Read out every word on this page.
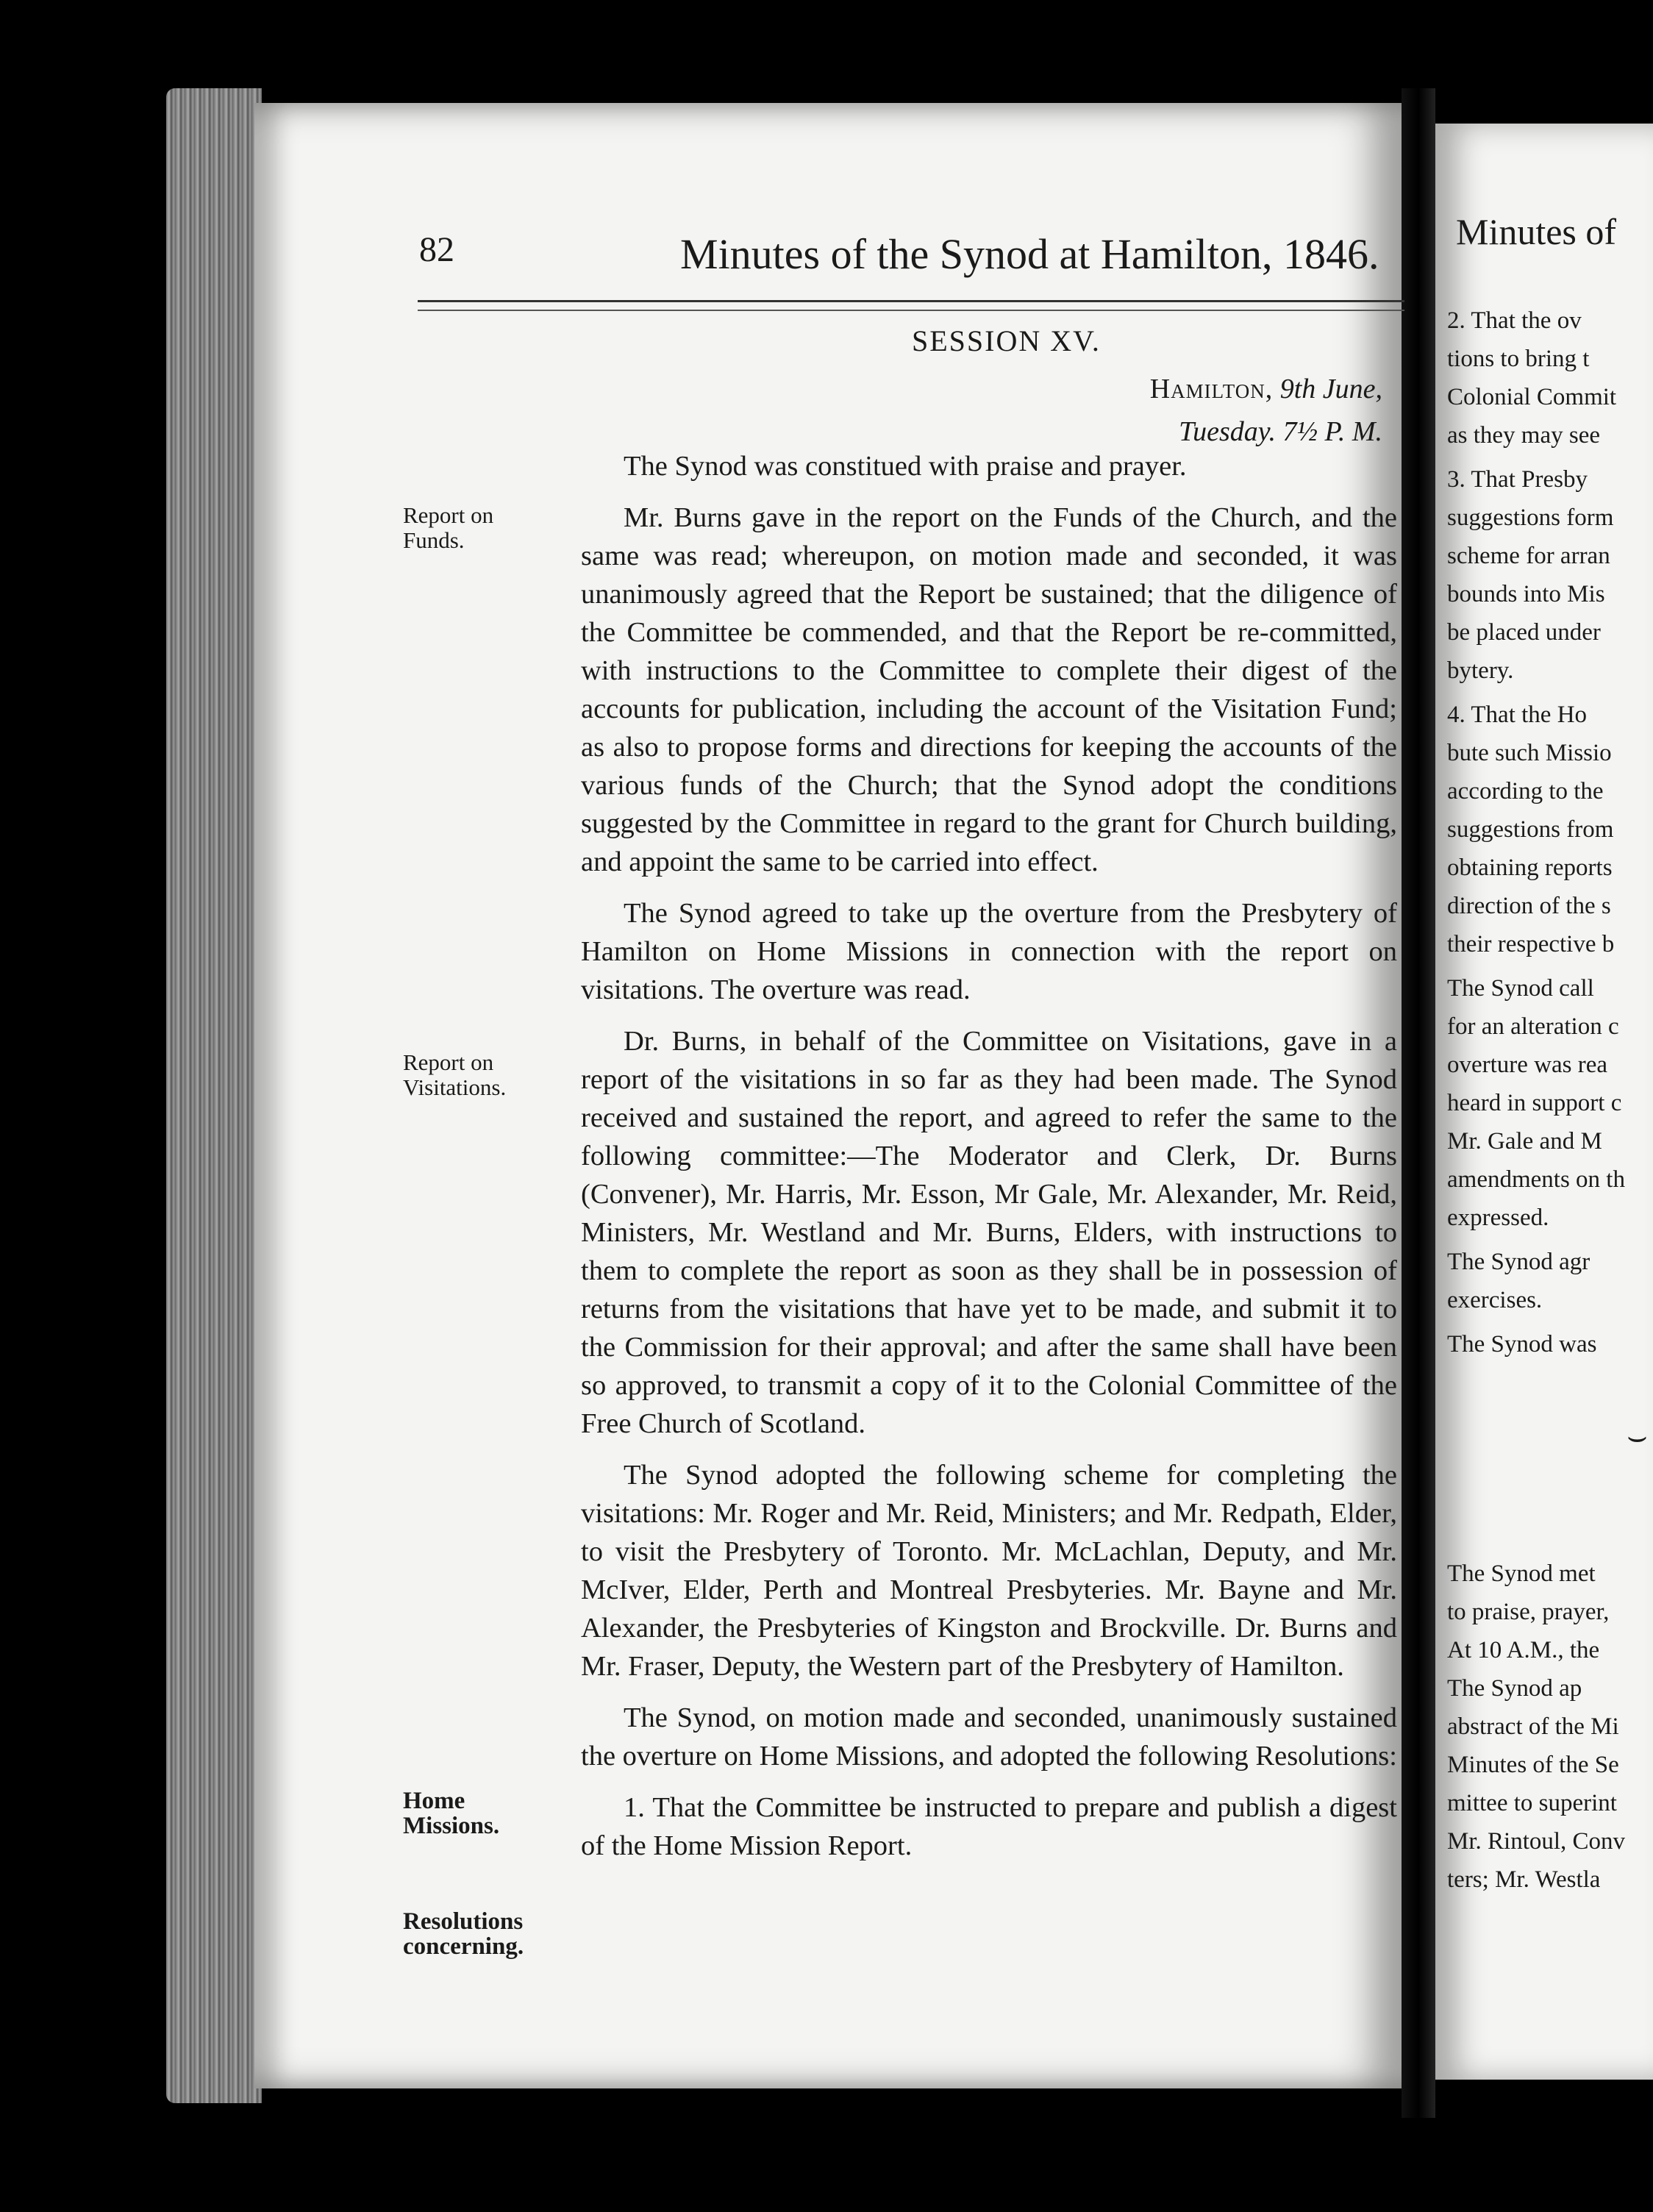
82	Minutes of the Synod at Hamilton, 1846.
SESSION XV.
Hamilton, 9th June,
Tuesday. 7½ P. M.
Report on
Funds.
Report on
Visitations.
Home
Missions.
Resolutions
concerning.

The Synod was constitued with praise and prayer.

Mr. Burns gave in the report on the Funds of the Church, and the same was read; whereupon, on motion made and seconded, it was unanimously agreed that the Report be sustained; that the diligence of the Committee be commended, and that the Report be re-committed, with instructions to the Committee to complete their digest of the accounts for publication, including the account of the Visitation Fund; as also to propose forms and directions for keeping the accounts of the various funds of the Church; that the Synod adopt the conditions suggested by the Committee in regard to the grant for Church building, and appoint the same to be carried into effect.

The Synod agreed to take up the overture from the Presbytery of Hamilton on Home Missions in connection with the report on visitations. The overture was read.

Dr. Burns, in behalf of the Committee on Visitations, gave in a report of the visitations in so far as they had been made. The Synod received and sustained the report, and agreed to refer the same to the following committee:—The Moderator and Clerk, Dr. Burns (Convener), Mr. Harris, Mr. Esson, Mr Gale, Mr. Alexander, Mr. Reid, Ministers, Mr. Westland and Mr. Burns, Elders, with instructions to them to complete the report as soon as they shall be in possession of returns from the visitations that have yet to be made, and submit it to the Commission for their approval; and after the same shall have been so approved, to transmit a copy of it to the Colonial Committee of the Free Church of Scotland.

The Synod adopted the following scheme for completing the visitations: Mr. Roger and Mr. Reid, Ministers; and Mr. Redpath, Elder, to visit the Presbytery of Toronto. Mr. McLachlan, Deputy, and Mr. McIver, Elder, Perth and Montreal Presbyteries. Mr. Bayne and Mr. Alexander, the Presbyteries of Kingston and Brockville. Dr. Burns and Mr. Fraser, Deputy, the Western part of the Presbytery of Hamilton.

The Synod, on motion made and seconded, unanimously sustained the overture on Home Missions, and adopted the following Resolutions:

1. That the Committee be instructed to prepare and publish a digest of the Home Mission Report.

Minutes of
2. That the ov
tions to bring t
Colonial Commit
as they may see
3. That Presby
suggestions form
scheme for arran
bounds into Mis
be placed under
bytery.
4. That the Ho
bute such Missio
according to the
suggestions from
obtaining reports
direction of the s
their respective b
The Synod call
for an alteration c
overture was rea
heard in support c
Mr. Gale and M
amendments on th
expressed.
The Synod agr
exercises.
The Synod was
The Synod met
to praise, prayer,
At 10 A.M., the
The Synod ap
abstract of the Mi
Minutes of the Se
mittee to superint
Mr. Rintoul, Conv
ters; Mr. Westla
⌣
